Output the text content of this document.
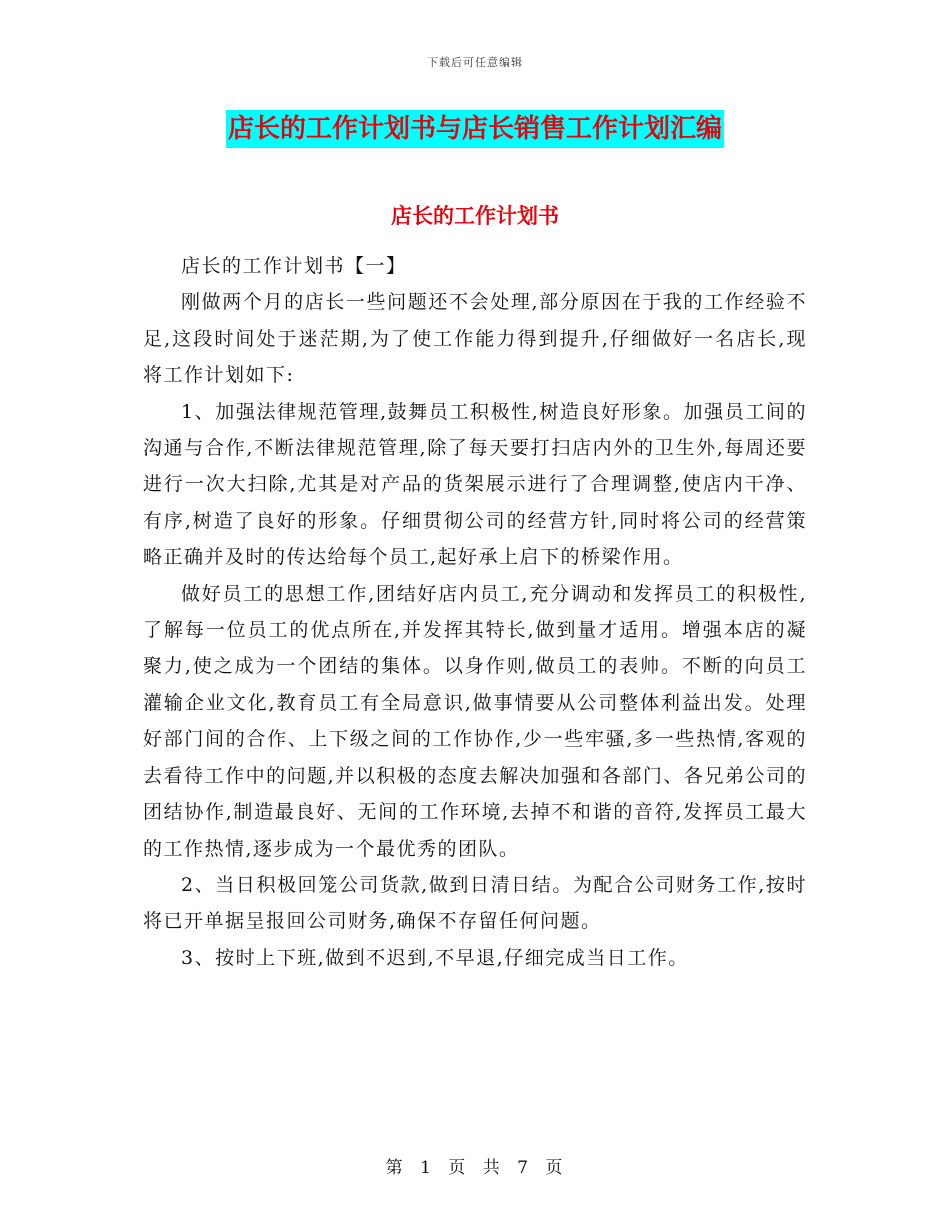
下载后可任意编辑
店长的工作计划书与店长销售工作计划汇编
店长的工作计划书

店长的工作计划书【一】

刚做两个月的店长一些问题还不会处理,部分原因在于我的工作经验不足,这段时间处于迷茫期,为了使工作能力得到提升,仔细做好一名店长,现将工作计划如下:

1、加强法律规范管理,鼓舞员工积极性,树造良好形象。加强员工间的沟通与合作,不断法律规范管理,除了每天要打扫店内外的卫生外,每周还要进行一次大扫除,尤其是对产品的货架展示进行了合理调整,使店内干净、有序,树造了良好的形象。仔细贯彻公司的经营方针,同时将公司的经营策略正确并及时的传达给每个员工,起好承上启下的桥梁作用。

做好员工的思想工作,团结好店内员工,充分调动和发挥员工的积极性,了解每一位员工的优点所在,并发挥其特长,做到量才适用。增强本店的凝聚力,使之成为一个团结的集体。以身作则,做员工的表帅。不断的向员工灌输企业文化,教育员工有全局意识,做事情要从公司整体利益出发。处理好部门间的合作、上下级之间的工作协作,少一些牢骚,多一些热情,客观的去看待工作中的问题,并以积极的态度去解决加强和各部门、各兄弟公司的团结协作,制造最良好、无间的工作环境,去掉不和谐的音符,发挥员工最大的工作热情,逐步成为一个最优秀的团队。

2、当日积极回笼公司货款,做到日清日结。为配合公司财务工作,按时将已开单据呈报回公司财务,确保不存留任何问题。

3、按时上下班,做到不迟到,不早退,仔细完成当日工作。

第 1 页 共 7 页
